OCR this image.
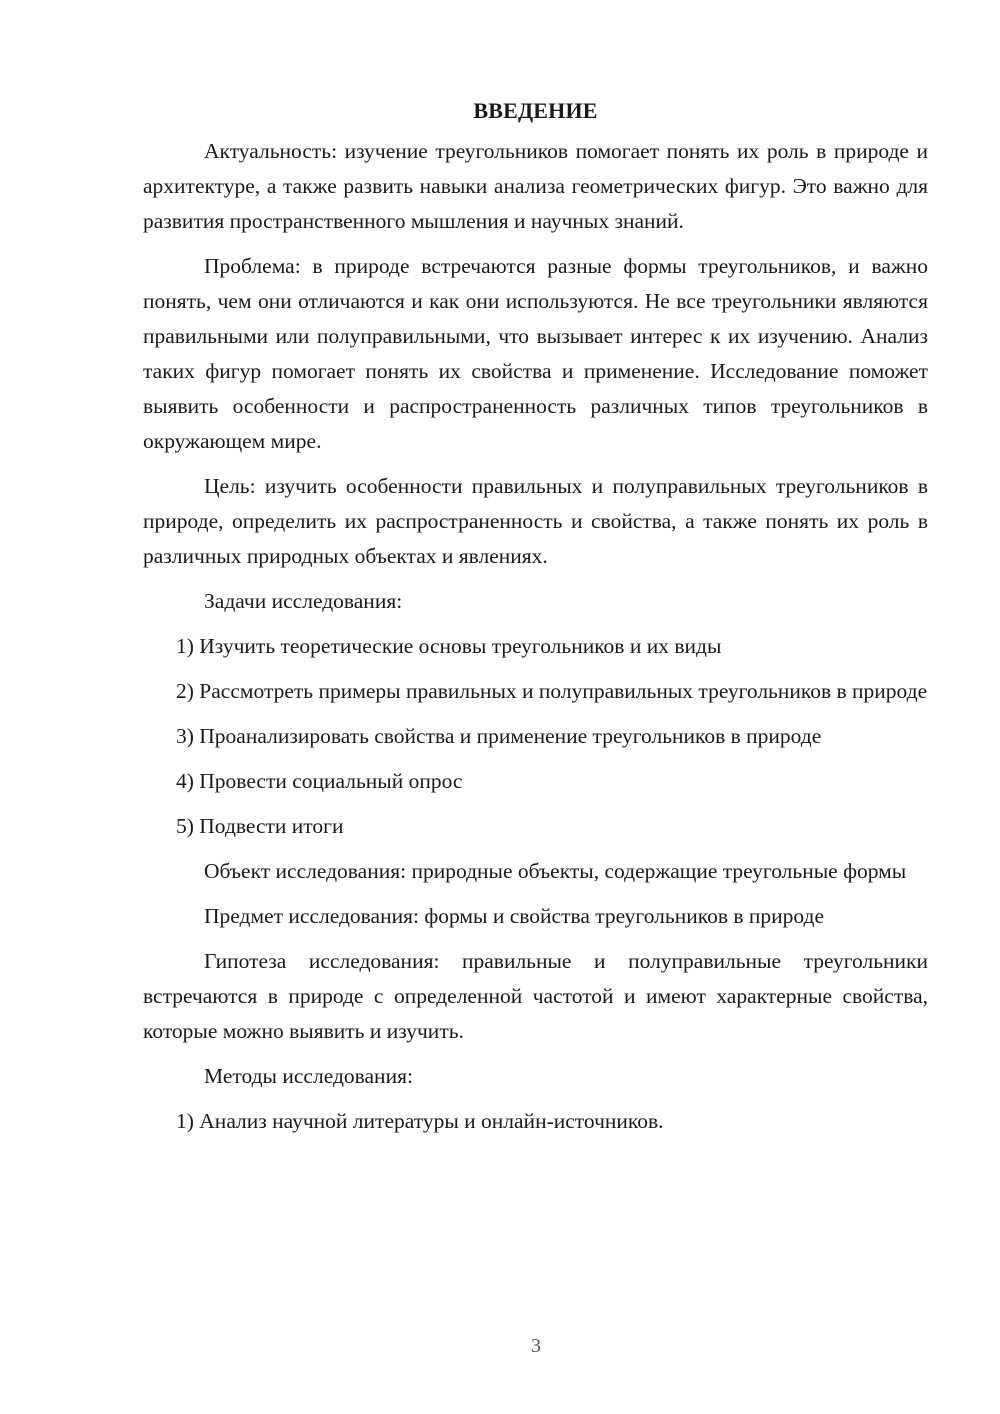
ВВЕДЕНИЕ

Актуальность: изучение треугольников помогает понять их роль в природе и архитектуре, а также развить навыки анализа геометрических фигур. Это важно для развития пространственного мышления и научных знаний.

Проблема: в природе встречаются разные формы треугольников, и важно понять, чем они отличаются и как они используются. Не все треугольники являются правильными или полуправильными, что вызывает интерес к их изучению. Анализ таких фигур помогает понять их свойства и применение. Исследование поможет выявить особенности и распространенность различных типов треугольников в окружающем мире.

Цель: изучить особенности правильных и полуправильных треугольников в природе, определить их распространенность и свойства, а также понять их роль в различных природных объектах и явлениях.

Задачи исследования:

1) Изучить теоретические основы треугольников и их виды

2) Рассмотреть примеры правильных и полуправильных треугольников в природе

3) Проанализировать свойства и применение треугольников в природе

4) Провести социальный опрос

5) Подвести итоги

Объект исследования: природные объекты, содержащие треугольные формы

Предмет исследования: формы и свойства треугольников в природе

Гипотеза исследования: правильные и полуправильные треугольники встречаются в природе с определенной частотой и имеют характерные свойства, которые можно выявить и изучить.

Методы исследования:

1) Анализ научной литературы и онлайн-источников.

3
